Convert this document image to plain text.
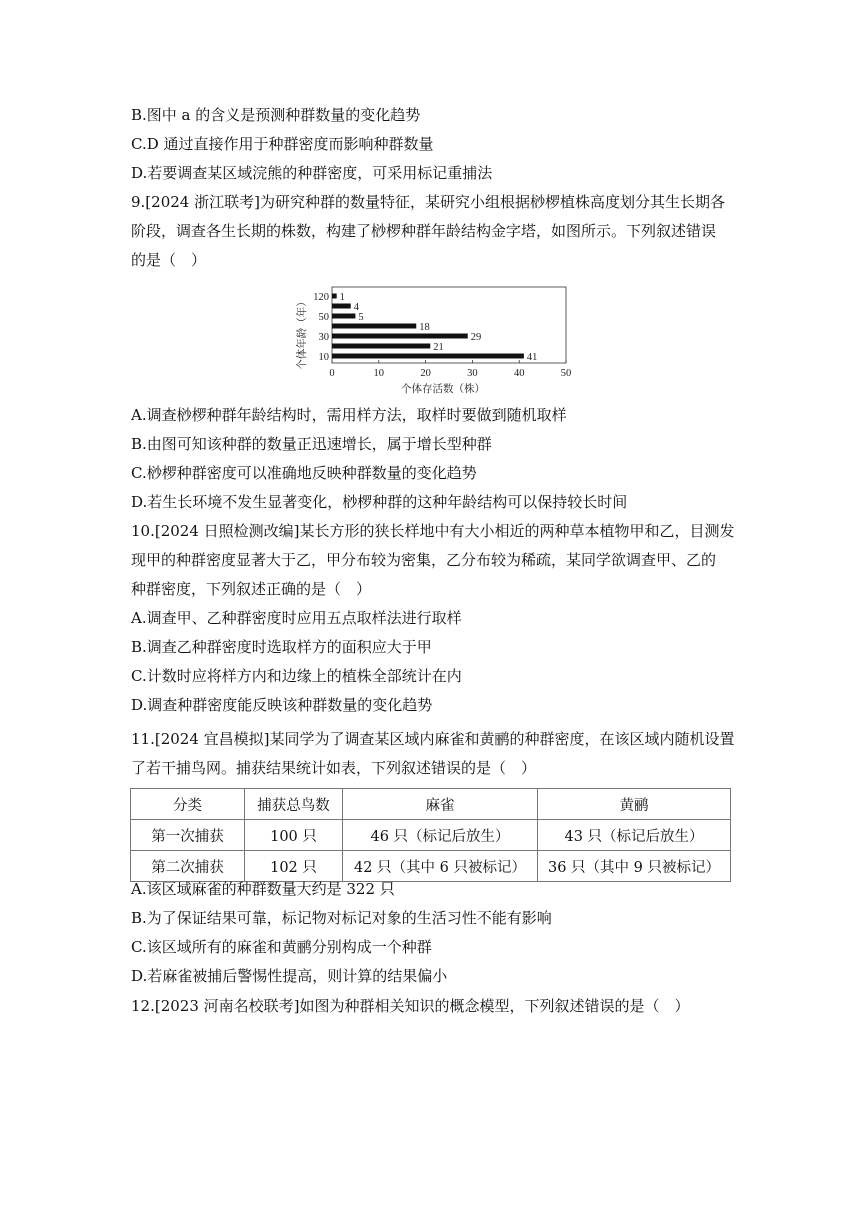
B.图中 a 的含义是预测种群数量的变化趋势
C.D 通过直接作用于种群密度而影响种群数量
D.若要调查某区域浣熊的种群密度，可采用标记重捕法
9.[2024 浙江联考]为研究种群的数量特征，某研究小组根据桫椤植株高度划分其生长期各
阶段，调查各生长期的株数，构建了桫椤种群年龄结构金字塔，如图所示。下列叙述错误
的是（　）
1
120
4
5
50
18
29
30
21
41
10
0	10	20	30	40	50
个体存活数（株）
个体年龄（年）
A.调查桫椤种群年龄结构时，需用样方法，取样时要做到随机取样
B.由图可知该种群的数量正迅速增长，属于增长型种群
C.桫椤种群密度可以准确地反映种群数量的变化趋势
D.若生长环境不发生显著变化，桫椤种群的这种年龄结构可以保持较长时间
10.[2024 日照检测改编]某长方形的狭长样地中有大小相近的两种草本植物甲和乙，目测发
现甲的种群密度显著大于乙，甲分布较为密集，乙分布较为稀疏，某同学欲调查甲、乙的
种群密度，下列叙述正确的是（　）
A.调查甲、乙种群密度时应用五点取样法进行取样
B.调查乙种群密度时选取样方的面积应大于甲
C.计数时应将样方内和边缘上的植株全部统计在内
D.调查种群密度能反映该种群数量的变化趋势
11.[2024 宜昌模拟]某同学为了调查某区域内麻雀和黄鹂的种群密度，在该区域内随机设置
了若干捕鸟网。捕获结果统计如表，下列叙述错误的是（　）
分类	捕获总鸟数	麻雀	黄鹂
第一次捕获	100 只	46 只（标记后放生）	43 只（标记后放生）
第二次捕获	102 只	42 只（其中 6 只被标记）	36 只（其中 9 只被标记）
A.该区域麻雀的种群数量大约是 322 只
B.为了保证结果可靠，标记物对标记对象的生活习性不能有影响
C.该区域所有的麻雀和黄鹂分别构成一个种群
D.若麻雀被捕后警惕性提高，则计算的结果偏小
12.[2023 河南名校联考]如图为种群相关知识的概念模型，下列叙述错误的是（　）
